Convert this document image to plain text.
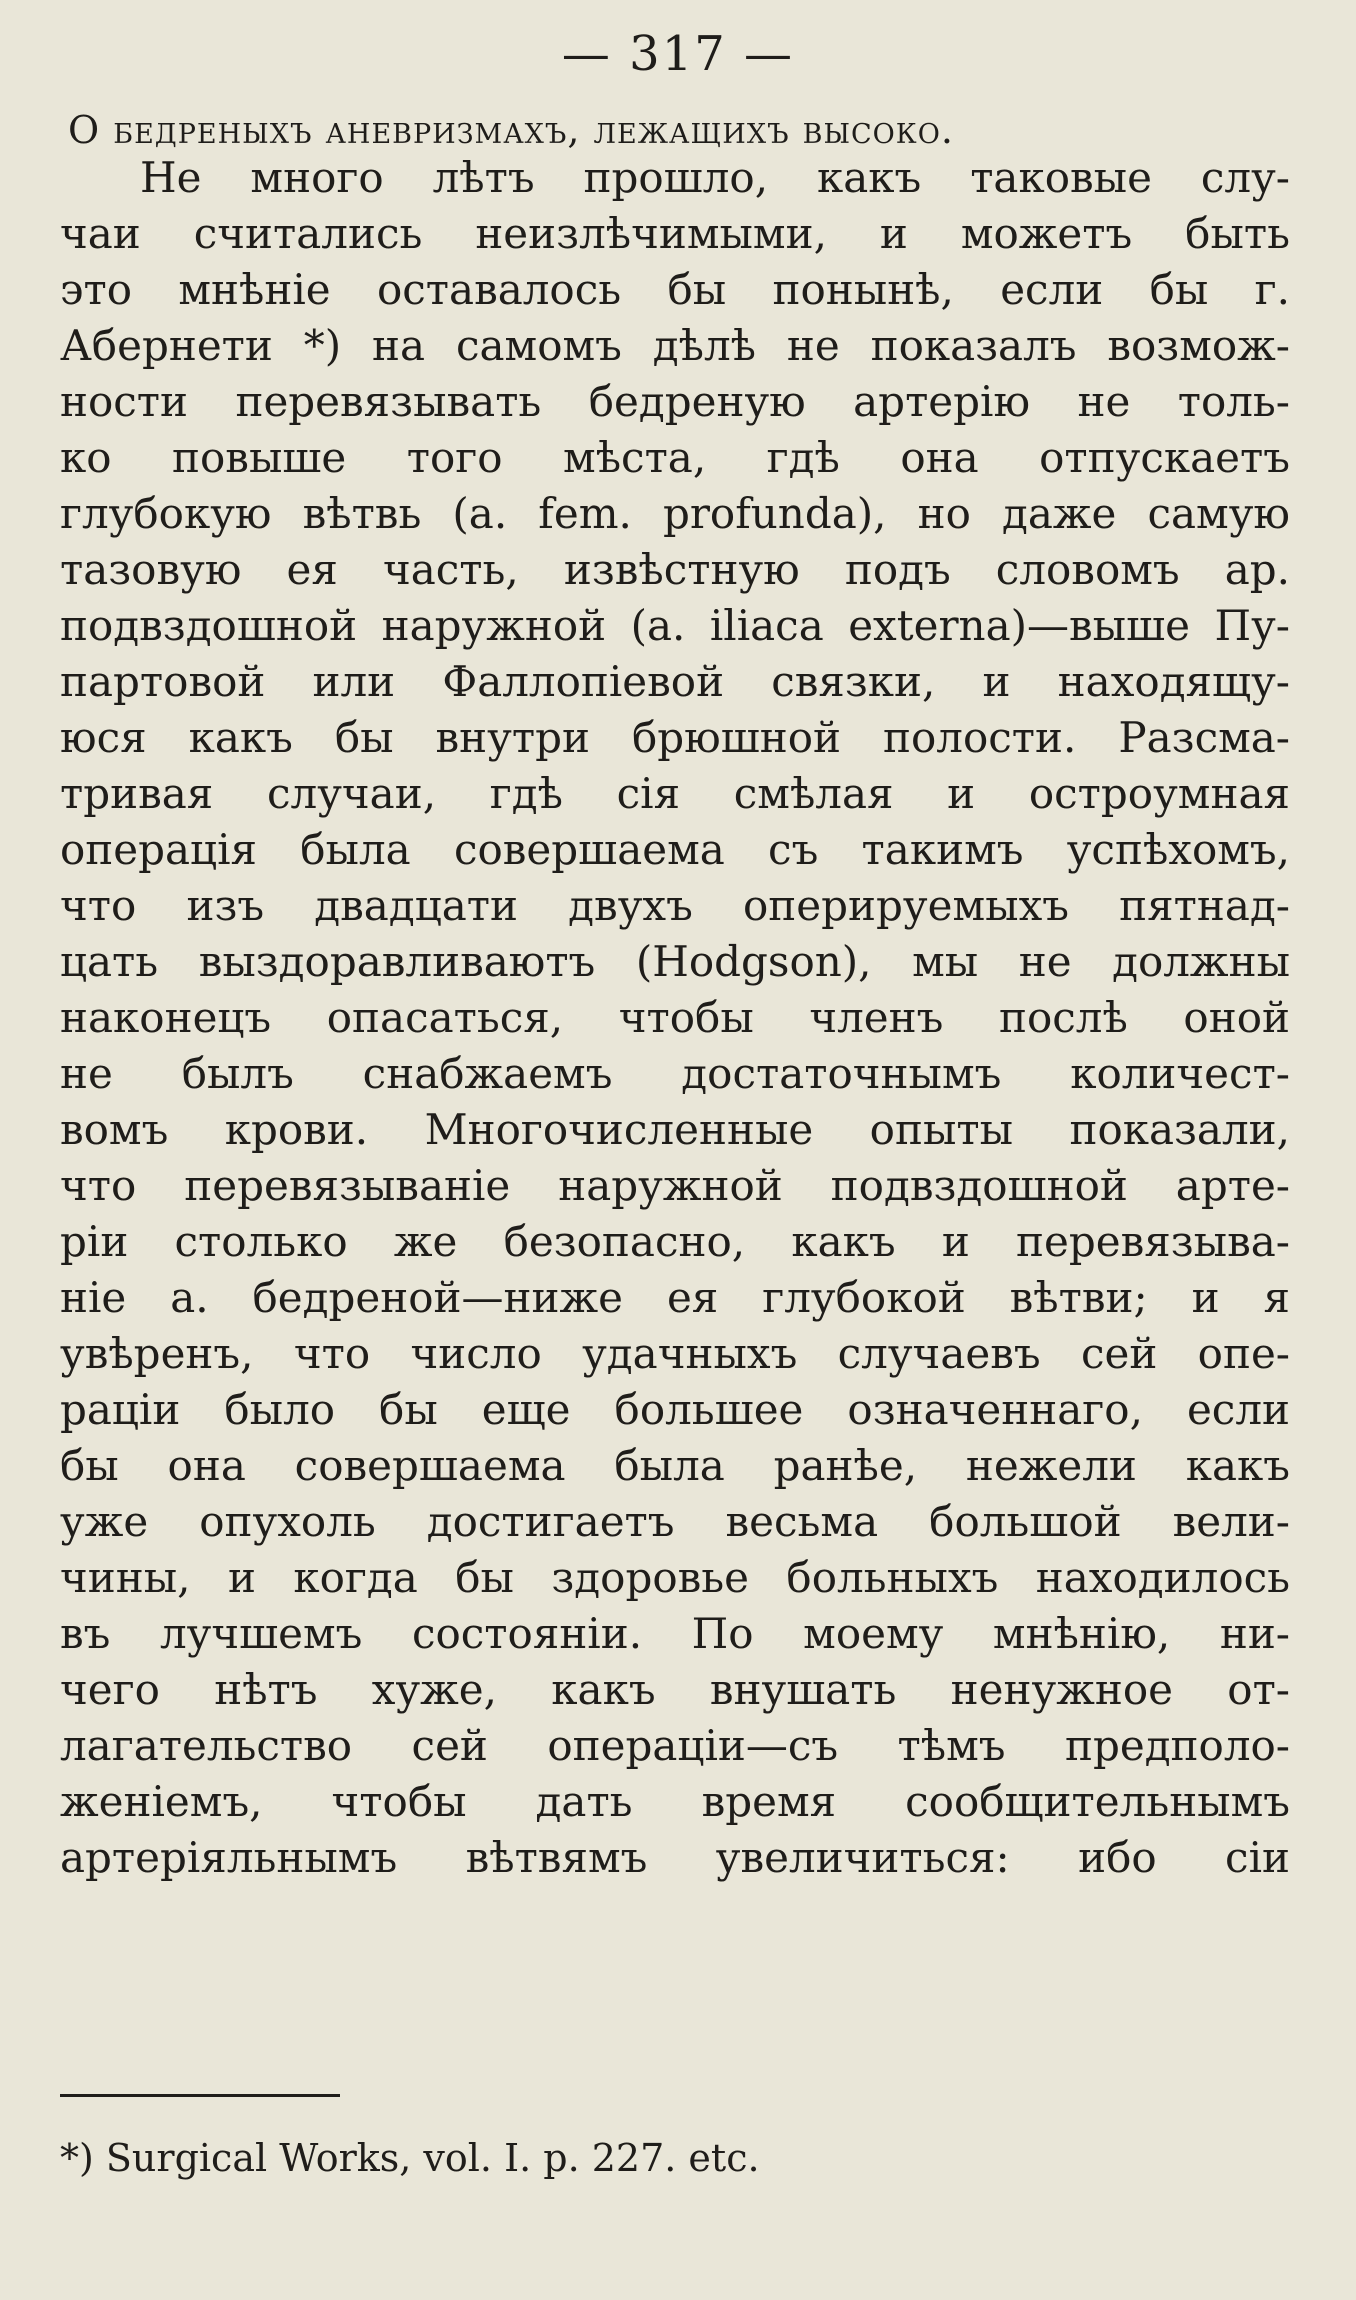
— 317 —
О бедреныхъ аневризмахъ, лежащихъ высоко.
Не много лѣтъ прошло, какъ таковые слу-
чаи считались неизлѣчимыми, и можетъ быть
это мнѣніе оставалось бы понынѣ, если бы г.
Абернети *) на самомъ дѣлѣ не показалъ возмож-
ности перевязывать бедреную артерію не толь-
ко повыше того мѣста, гдѣ она отпускаетъ
глубокую вѣтвь (a. fem. profunda), но даже самую
тазовую ея часть, извѣстную подъ словомъ ар.
подвздошной наружной (a. iliaca externa)—выше Пу-
партовой или Фаллопіевой связки, и находящу-
юся какъ бы внутри брюшной полости. Разсма-
тривая случаи, гдѣ сія смѣлая и остроумная
операція была совершаема съ такимъ успѣхомъ,
что изъ двадцати двухъ оперируемыхъ пятнад-
цать выздоравливаютъ (Hodgson), мы не должны
наконецъ опасаться, чтобы членъ послѣ оной
не былъ снабжаемъ достаточнымъ количест-
вомъ крови. Многочисленные опыты показали,
что перевязываніе наружной подвздошной арте-
ріи столько же безопасно, какъ и перевязыва-
ніе a. бедреной—ниже ея глубокой вѣтви; и я
увѣренъ, что число удачныхъ случаевъ сей опе-
раціи было бы еще большее означеннаго, если
бы она совершаема была ранѣе, нежели какъ
уже опухоль достигаетъ весьма большой вели-
чины, и когда бы здоровье больныхъ находилось
въ лучшемъ состояніи. По моему мнѣнію, ни-
чего нѣтъ хуже, какъ внушать ненужное от-
лагательство сей операціи—съ тѣмъ предполо-
женіемъ, чтобы дать время сообщительнымъ
артеріяльнымъ вѣтвямъ увеличиться: ибо сіи
*) Surgical Works, vol. I. p. 227. etc.
